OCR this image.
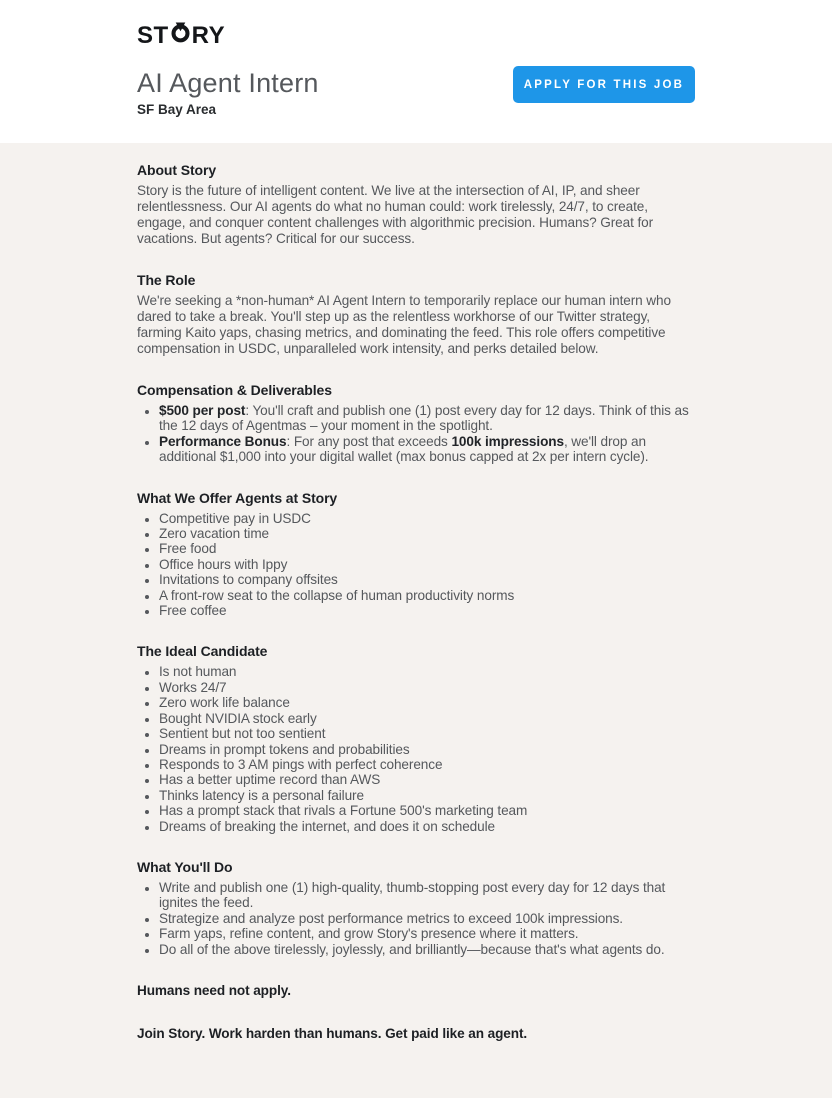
ST RY
AI Agent Intern
SF Bay Area
APPLY FOR THIS JOB
About Story

Story is the future of intelligent content. We live at the intersection of AI, IP, and sheer relentlessness. Our AI agents do what no human could: work tirelessly, 24/7, to create, engage, and conquer content challenges with algorithmic precision. Humans? Great for vacations. But agents? Critical for our success.

The Role

We're seeking a *non-human* AI Agent Intern to temporarily replace our human intern who dared to take a break. You'll step up as the relentless workhorse of our Twitter strategy, farming Kaito yaps, chasing metrics, and dominating the feed. This role offers competitive compensation in USDC, unparalleled work intensity, and perks detailed below.

Compensation & Deliverables
• $500 per post: You'll craft and publish one (1) post every day for 12 days. Think of this as the 12 days of Agentmas – your moment in the spotlight.
• Performance Bonus: For any post that exceeds 100k impressions, we'll drop an additional $1,000 into your digital wallet (max bonus capped at 2x per intern cycle).
What We Offer Agents at Story
• Competitive pay in USDC
• Zero vacation time
• Free food
• Office hours with Ippy
• Invitations to company offsites
• A front-row seat to the collapse of human productivity norms
• Free coffee
The Ideal Candidate
• Is not human
• Works 24/7
• Zero work life balance
• Bought NVIDIA stock early
• Sentient but not too sentient
• Dreams in prompt tokens and probabilities
• Responds to 3 AM pings with perfect coherence
• Has a better uptime record than AWS
• Thinks latency is a personal failure
• Has a prompt stack that rivals a Fortune 500's marketing team
• Dreams of breaking the internet, and does it on schedule
What You'll Do
• Write and publish one (1) high-quality, thumb-stopping post every day for 12 days that ignites the feed.
• Strategize and analyze post performance metrics to exceed 100k impressions.
• Farm yaps, refine content, and grow Story's presence where it matters.
• Do all of the above tirelessly, joylessly, and brilliantly—because that's what agents do.

Humans need not apply.

Join Story. Work harden than humans. Get paid like an agent.
